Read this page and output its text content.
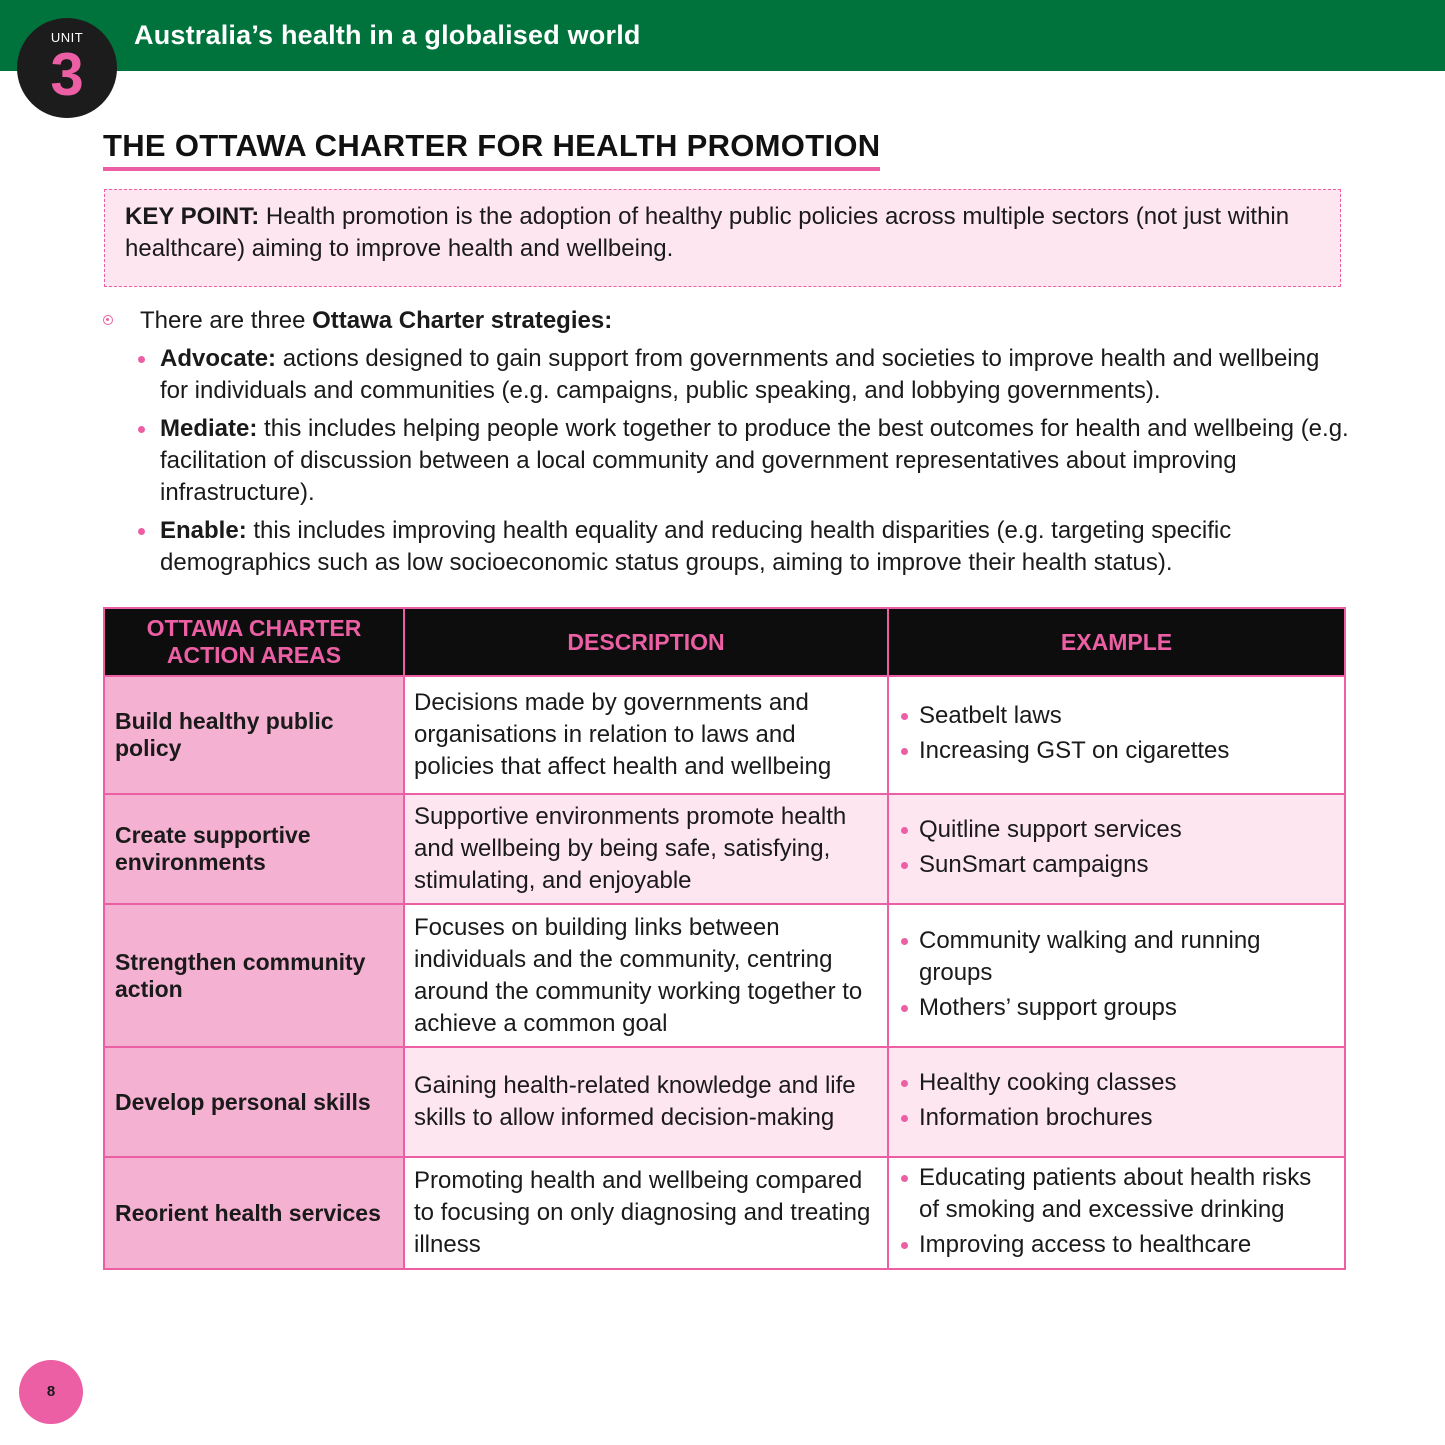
Australia’s health in a globalised world
UNIT
3
THE OTTAWA CHARTER FOR HEALTH PROMOTION
KEY POINT: Health promotion is the adoption of healthy public policies across multiple sectors (not just within healthcare) aiming to improve health and wellbeing.
There are three Ottawa Charter strategies:
Advocate: actions designed to gain support from governments and societies to improve health and wellbeing for individuals and communities (e.g. campaigns, public speaking, and lobbying governments).
Mediate: this includes helping people work together to produce the best outcomes for health and wellbeing (e.g. facilitation of discussion between a local community and government representatives about improving infrastructure).
Enable: this includes improving health equality and reducing health disparities (e.g. targeting specific demographics such as low socioeconomic status groups, aiming to improve their health status).
OTTAWA CHARTER ACTION AREAS	DESCRIPTION	EXAMPLE
Build healthy public policy	Decisions made by governments and organisations in relation to laws and policies that affect health and wellbeing	Seatbelt laws
Increasing GST on cigarettes

Create supportive environments	Supportive environments promote health and wellbeing by being safe, satisfying, stimulating, and enjoyable	Quitline support services
SunSmart campaigns

Strengthen community action	Focuses on building links between individuals and the community, centring around the community working together to achieve a common goal	Community walking and running groups
Mothers’ support groups

Develop personal skills	Gaining health-related knowledge and life skills to allow informed decision-making	Healthy cooking classes
Information brochures

Reorient health services	Promoting health and wellbeing compared to focusing on only diagnosing and treating illness	Educating patients about health risks of smoking and excessive drinking
Improving access to healthcare
8
